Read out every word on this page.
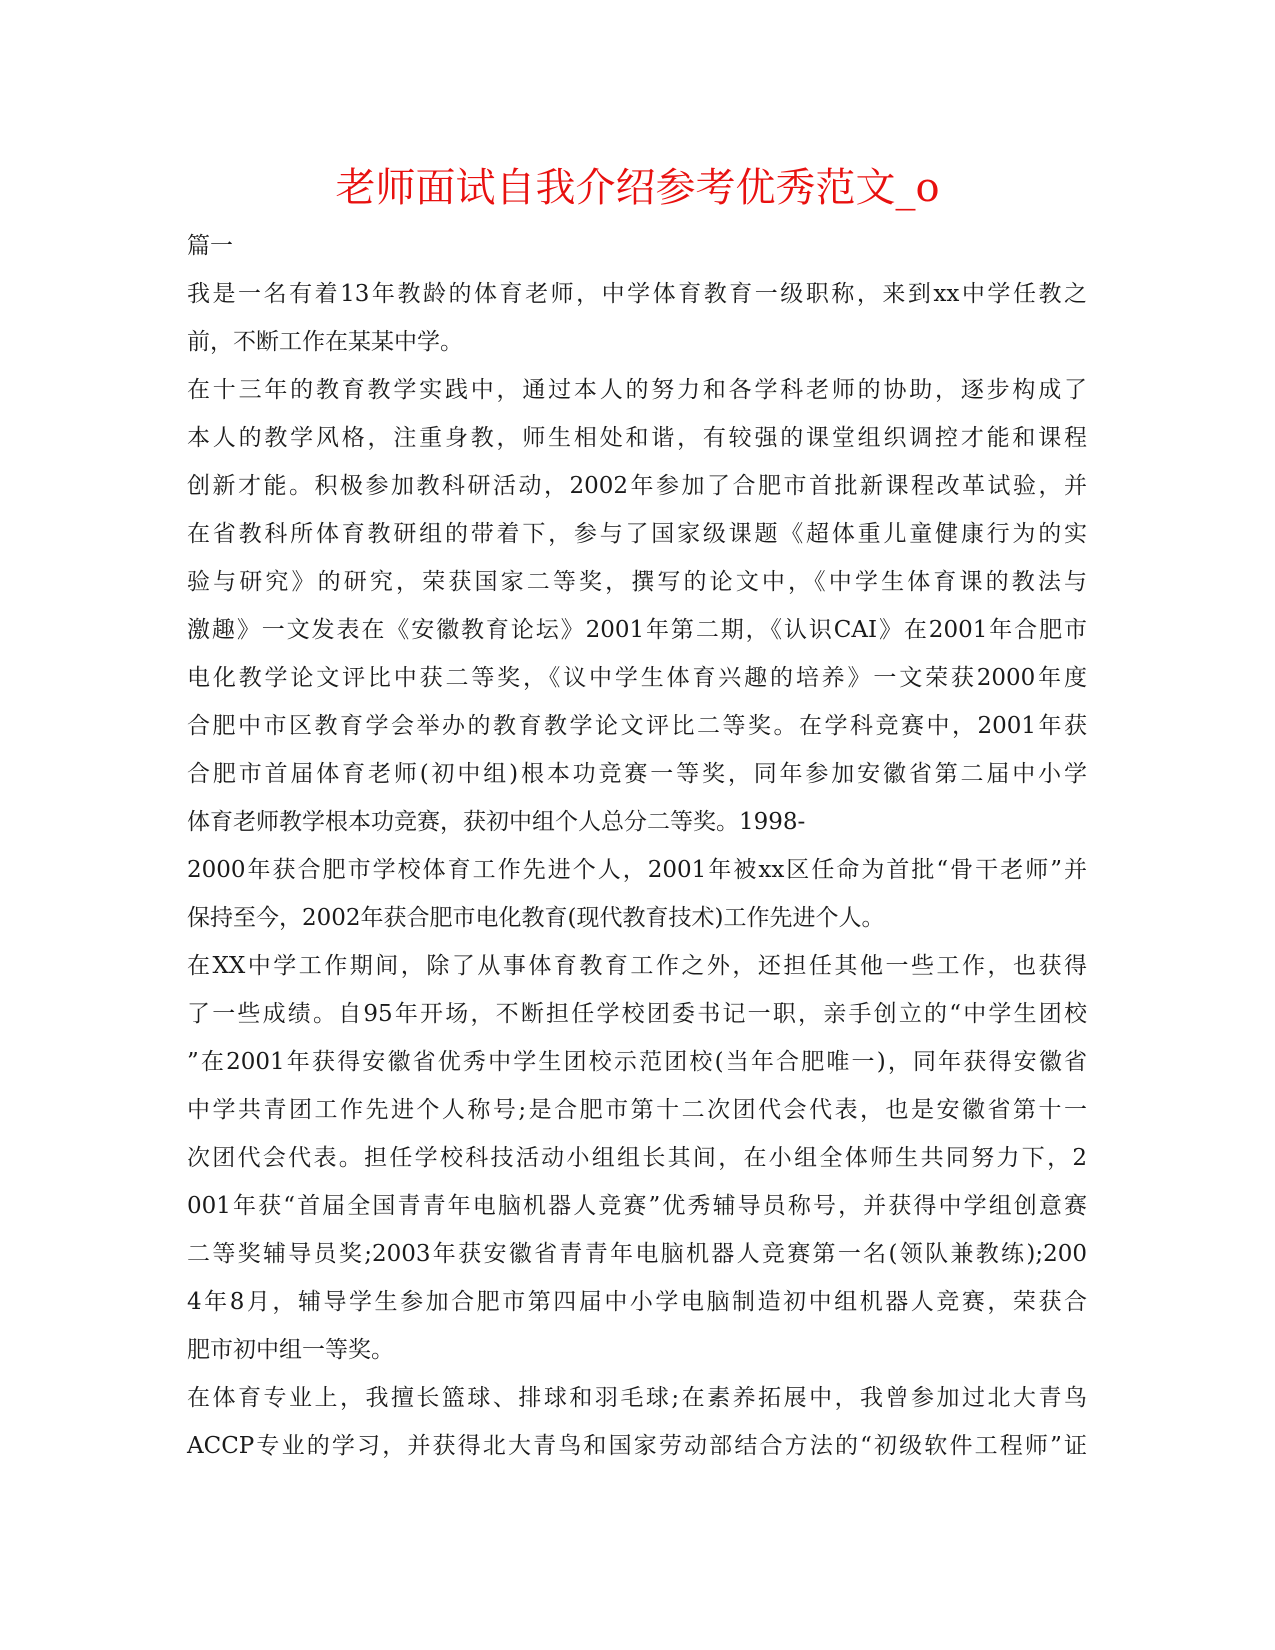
老师面试自我介绍参考优秀范文_o
篇一
我是一名有着13年教龄的体育老师，中学体育教育一级职称，来到xx中学任教之
前，不断工作在某某中学。
在十三年的教育教学实践中，通过本人的努力和各学科老师的协助，逐步构成了
本人的教学风格，注重身教，师生相处和谐，有较强的课堂组织调控才能和课程
创新才能。积极参加教科研活动，2002年参加了合肥市首批新课程改革试验，并
在省教科所体育教研组的带着下，参与了国家级课题《超体重儿童健康行为的实
验与研究》的研究，荣获国家二等奖，撰写的论文中，《中学生体育课的教法与
激趣》一文发表在《安徽教育论坛》2001年第二期，《认识CAI》在2001年合肥市
电化教学论文评比中获二等奖，《议中学生体育兴趣的培养》一文荣获2000年度
合肥中市区教育学会举办的教育教学论文评比二等奖。在学科竞赛中，2001年获
合肥市首届体育老师(初中组)根本功竞赛一等奖，同年参加安徽省第二届中小学
体育老师教学根本功竞赛，获初中组个人总分二等奖。1998-
2000年获合肥市学校体育工作先进个人，2001年被xx区任命为首批“骨干老师”并
保持至今，2002年获合肥市电化教育(现代教育技术)工作先进个人。
在XX中学工作期间，除了从事体育教育工作之外，还担任其他一些工作，也获得
了一些成绩。自95年开场，不断担任学校团委书记一职，亲手创立的“中学生团校
”在2001年获得安徽省优秀中学生团校示范团校(当年合肥唯一)，同年获得安徽省
中学共青团工作先进个人称号;是合肥市第十二次团代会代表，也是安徽省第十一
次团代会代表。担任学校科技活动小组组长其间，在小组全体师生共同努力下，2
001年获“首届全国青青年电脑机器人竞赛”优秀辅导员称号，并获得中学组创意赛
二等奖辅导员奖;2003年获安徽省青青年电脑机器人竞赛第一名(领队兼教练);200
4年8月，辅导学生参加合肥市第四届中小学电脑制造初中组机器人竞赛，荣获合
肥市初中组一等奖。
在体育专业上，我擅长篮球、排球和羽毛球;在素养拓展中，我曾参加过北大青鸟
ACCP专业的学习，并获得北大青鸟和国家劳动部结合方法的“初级软件工程师”证
